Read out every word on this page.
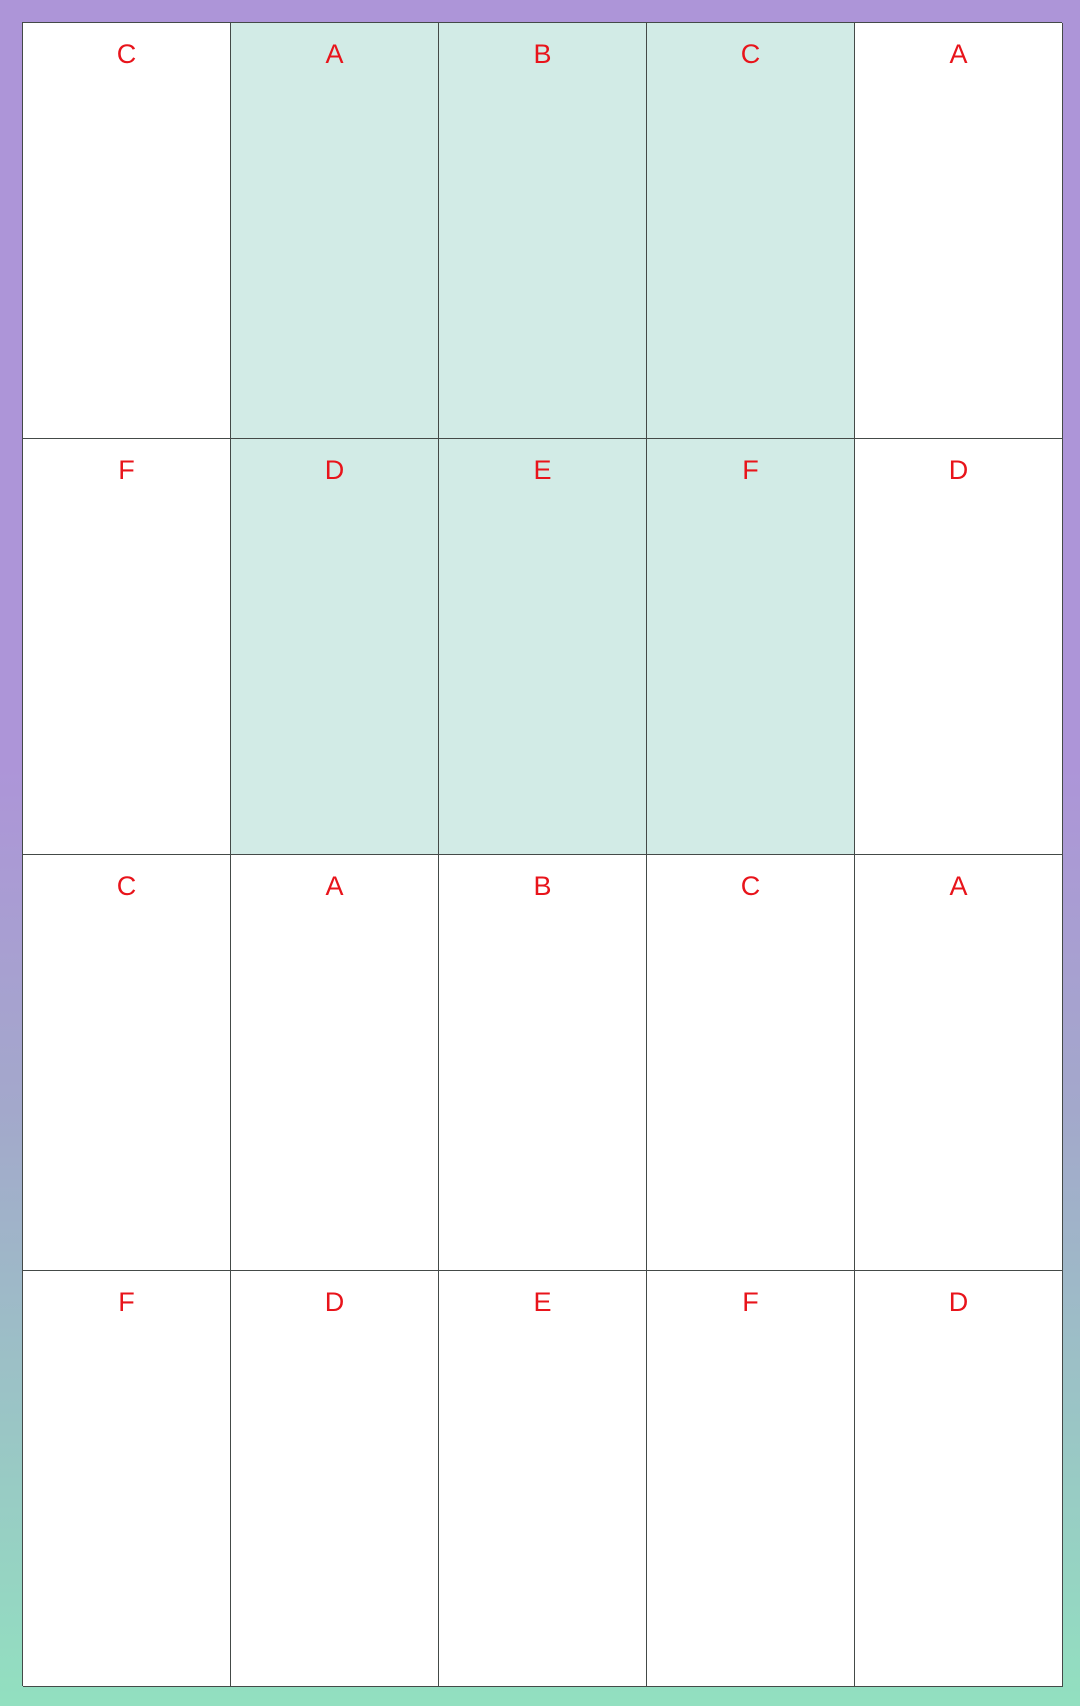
C	A	B	C	A
F	D	E	F	D
C	A	B	C	A
F	D	E	F	D
